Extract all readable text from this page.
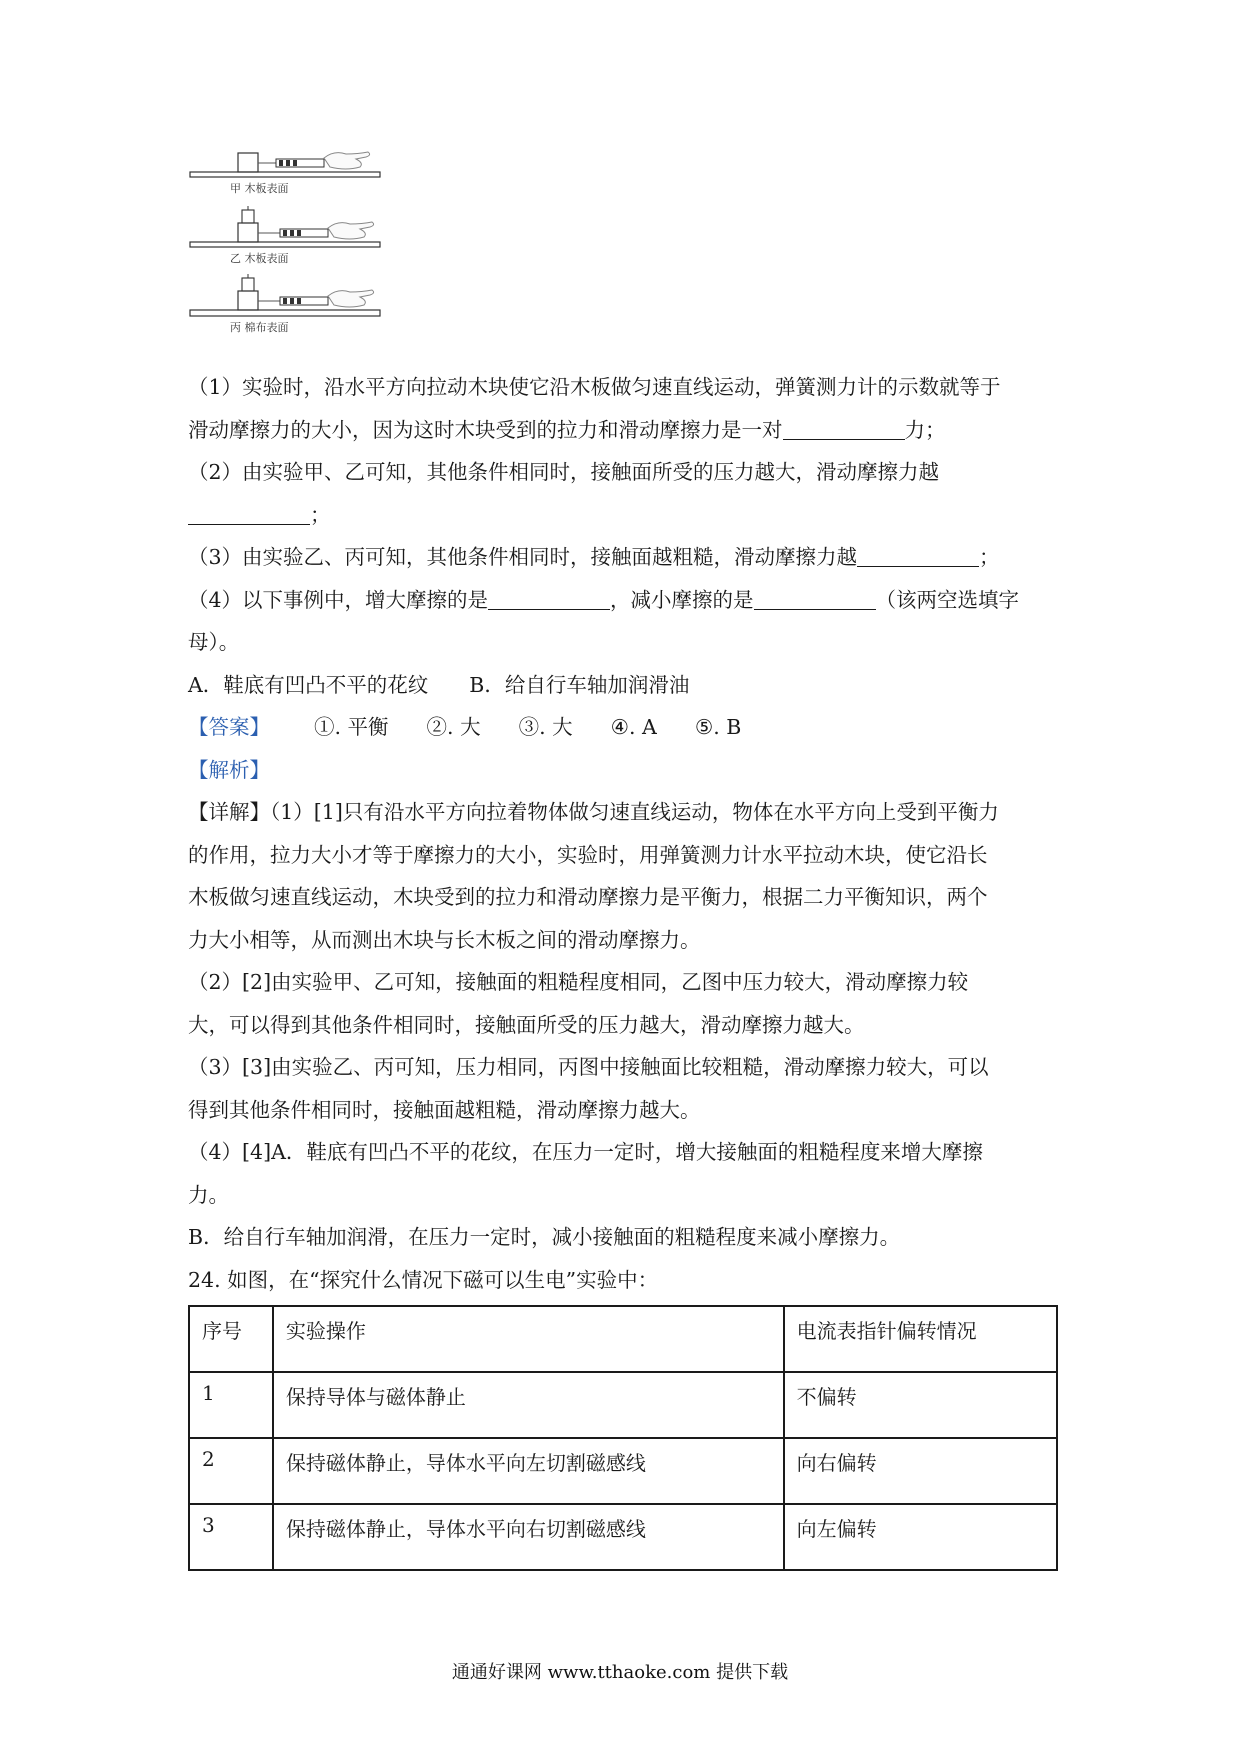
甲 木板表面
乙 木板表面
丙 棉布表面
（1）实验时，沿水平方向拉动木块使它沿木板做匀速直线运动，弹簧测力计的示数就等于
滑动摩擦力的大小，因为这时木块受到的拉力和滑动摩擦力是一对	力；
（2）由实验甲、乙可知，其他条件相同时，接触面所受的压力越大，滑动摩擦力越
；
（3）由实验乙、丙可知，其他条件相同时，接触面越粗糙，滑动摩擦力越	；
（4）以下事例中，增大摩擦的是	，减小摩擦的是	（该两空选填字
母）。
A．鞋底有凹凸不平的花纹　　B．给自行车轴加润滑油
【答案】 ①. 平衡 ②. 大 ③. 大 ④. A ⑤. B
【解析】
【详解】（1）[1]只有沿水平方向拉着物体做匀速直线运动，物体在水平方向上受到平衡力
的作用，拉力大小才等于摩擦力的大小，实验时，用弹簧测力计水平拉动木块，使它沿长
木板做匀速直线运动，木块受到的拉力和滑动摩擦力是平衡力，根据二力平衡知识，两个
力大小相等，从而测出木块与长木板之间的滑动摩擦力。
（2）[2]由实验甲、乙可知，接触面的粗糙程度相同，乙图中压力较大，滑动摩擦力较
大，可以得到其他条件相同时，接触面所受的压力越大，滑动摩擦力越大。
（3）[3]由实验乙、丙可知，压力相同，丙图中接触面比较粗糙，滑动摩擦力较大，可以
得到其他条件相同时，接触面越粗糙，滑动摩擦力越大。
（4）[4]A．鞋底有凹凸不平的花纹，在压力一定时，增大接触面的粗糙程度来增大摩擦
力。
B．给自行车轴加润滑，在压力一定时，减小接触面的粗糙程度来减小摩擦力。
24. 如图，在“探究什么情况下磁可以生电”实验中：
序号	实验操作	电流表指针偏转情况
1	保持导体与磁体静止	不偏转
2	保持磁体静止，导体水平向左切割磁感线	向右偏转
3	保持磁体静止，导体水平向右切割磁感线	向左偏转
通通好课网 www.tthaoke.com 提供下载
